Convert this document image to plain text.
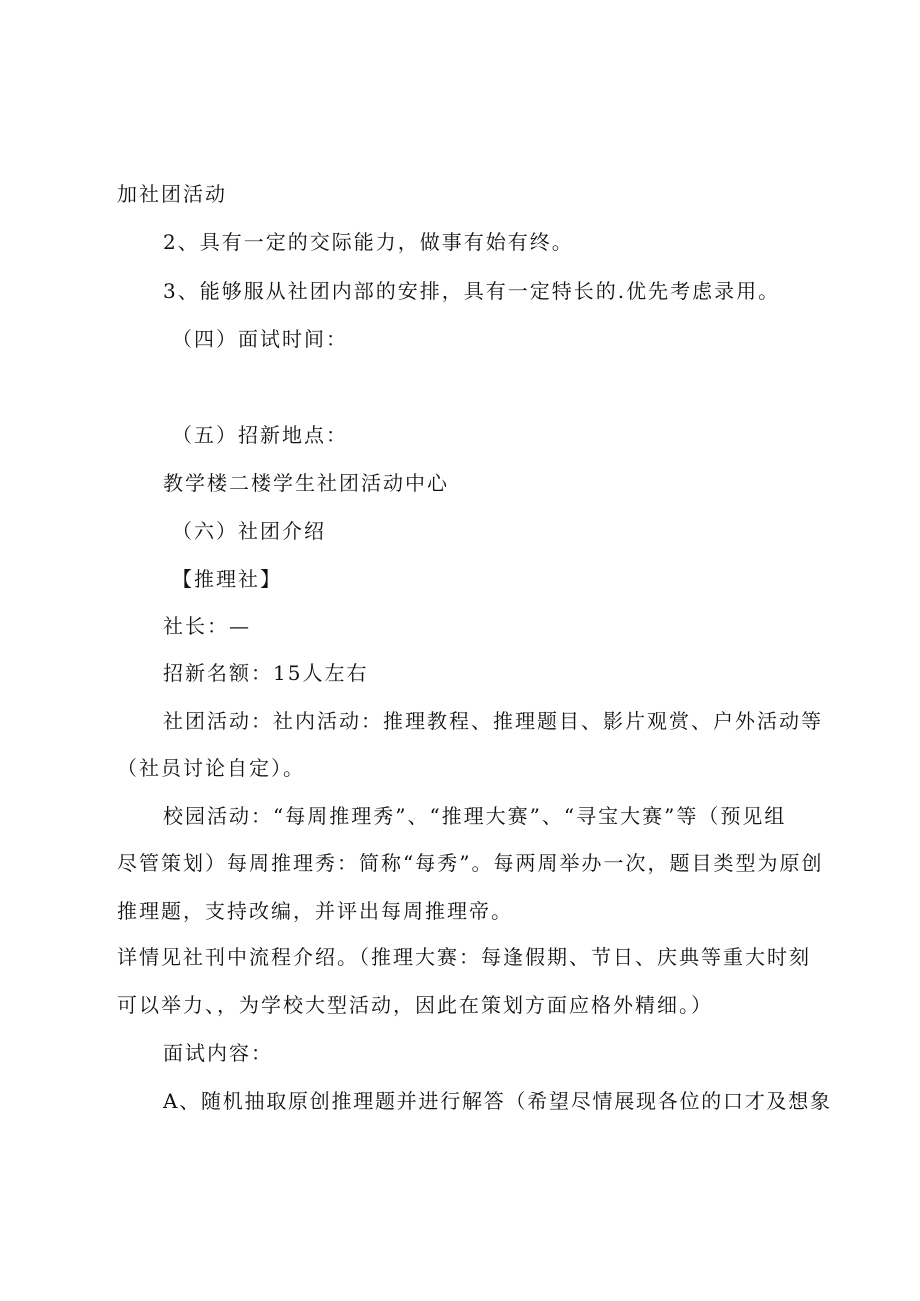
加社团活动
2、具有一定的交际能力，做事有始有终。
3、能够服从社团内部的安排，具有一定特长的.优先考虑录用。
（四）面试时间：
（五）招新地点：
教学楼二楼学生社团活动中心
（六）社团介绍
【推理社】
社长：—
招新名额：15人左右
社团活动：社内活动：推理教程、推理题目、影片观赏、户外活动等
（社员讨论自定）。
校园活动：“每周推理秀”、“推理大赛”、“寻宝大赛”等（预见组
尽管策划）每周推理秀：简称“每秀”。每两周举办一次，题目类型为原创
推理题，支持改编，并评出每周推理帝。
详情见社刊中流程介绍。（推理大赛：每逢假期、节日、庆典等重大时刻
可以举力、，为学校大型活动，因此在策划方面应格外精细。）
面试内容：
A、随机抽取原创推理题并进行解答（希望尽情展现各位的口才及想象
